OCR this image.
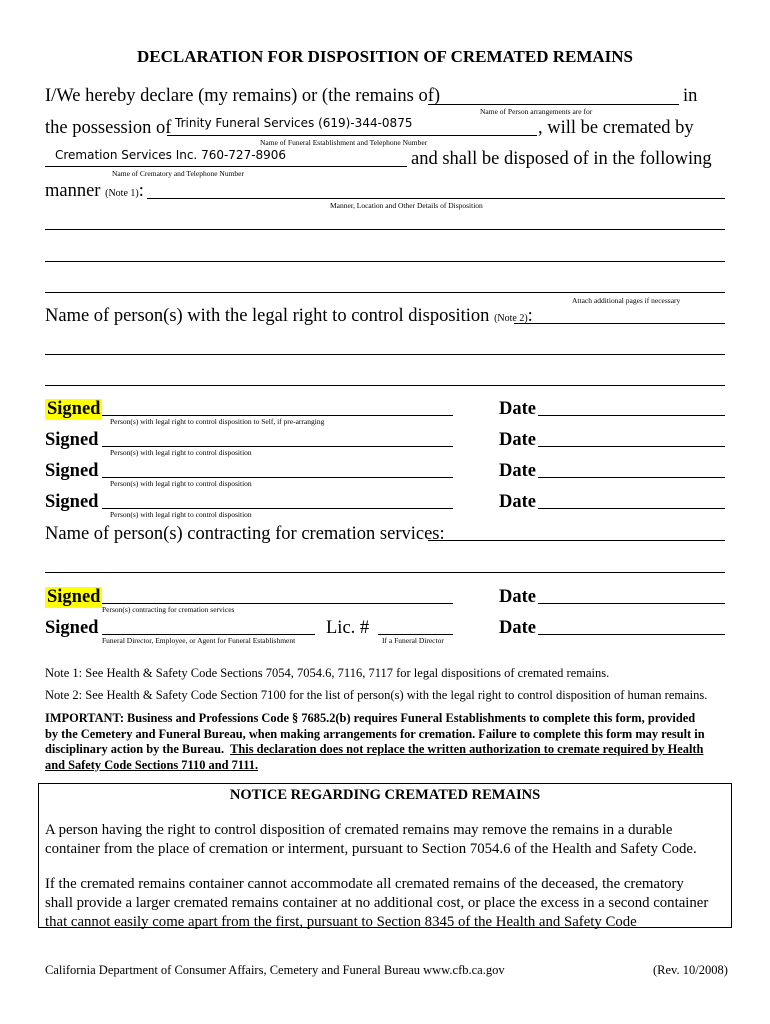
DECLARATION FOR DISPOSITION OF CREMATED REMAINS
I/We hereby declare (my remains) or (the remains of)	in
Name of Person arrangements are for
the possession of Trinity Funeral Services (619)-344-0875	, will be cremated by
Name of Funeral Establishment and Telephone Number
Cremation Services Inc. 760-727-8906	and shall be disposed of in the following
Name of Crematory and Telephone Number
manner (Note 1):
Manner, Location and Other Details of Disposition
Attach additional pages if necessary
Name of person(s) with the legal right to control disposition (Note 2):
Signed	Date
Person(s) with legal right to control disposition to Self, if pre-arranging
Signed	Date
Person(s) with legal right to control disposition
Signed	Date
Person(s) with legal right to control disposition
Signed	Date
Person(s) with legal right to control disposition
Name of person(s) contracting for cremation services:
Signed	Date
Person(s) contracting for cremation services
Signed	Lic. #	Date
Funeral Director, Employee, or Agent for Funeral Establishment	If a Funeral Director
Note 1: See Health & Safety Code Sections 7054, 7054.6, 7116, 7117 for legal dispositions of cremated remains.
Note 2: See Health & Safety Code Section 7100 for the list of person(s) with the legal right to control disposition of human remains.
IMPORTANT: Business and Professions Code § 7685.2(b) requires Funeral Establishments to complete this form, provided
by the Cemetery and Funeral Bureau, when making arrangements for cremation. Failure to complete this form may result in
disciplinary action by the Bureau. This declaration does not replace the written authorization to cremate required by Health
and Safety Code Sections 7110 and 7111.
NOTICE REGARDING CREMATED REMAINS
A person having the right to control disposition of cremated remains may remove the remains in a durable
container from the place of cremation or interment, pursuant to Section 7054.6 of the Health and Safety Code.
If the cremated remains container cannot accommodate all cremated remains of the deceased, the crematory
shall provide a larger cremated remains container at no additional cost, or place the excess in a second container
that cannot easily come apart from the first, pursuant to Section 8345 of the Health and Safety Code
California Department of Consumer Affairs, Cemetery and Funeral Bureau www.cfb.ca.gov	(Rev. 10/2008)
